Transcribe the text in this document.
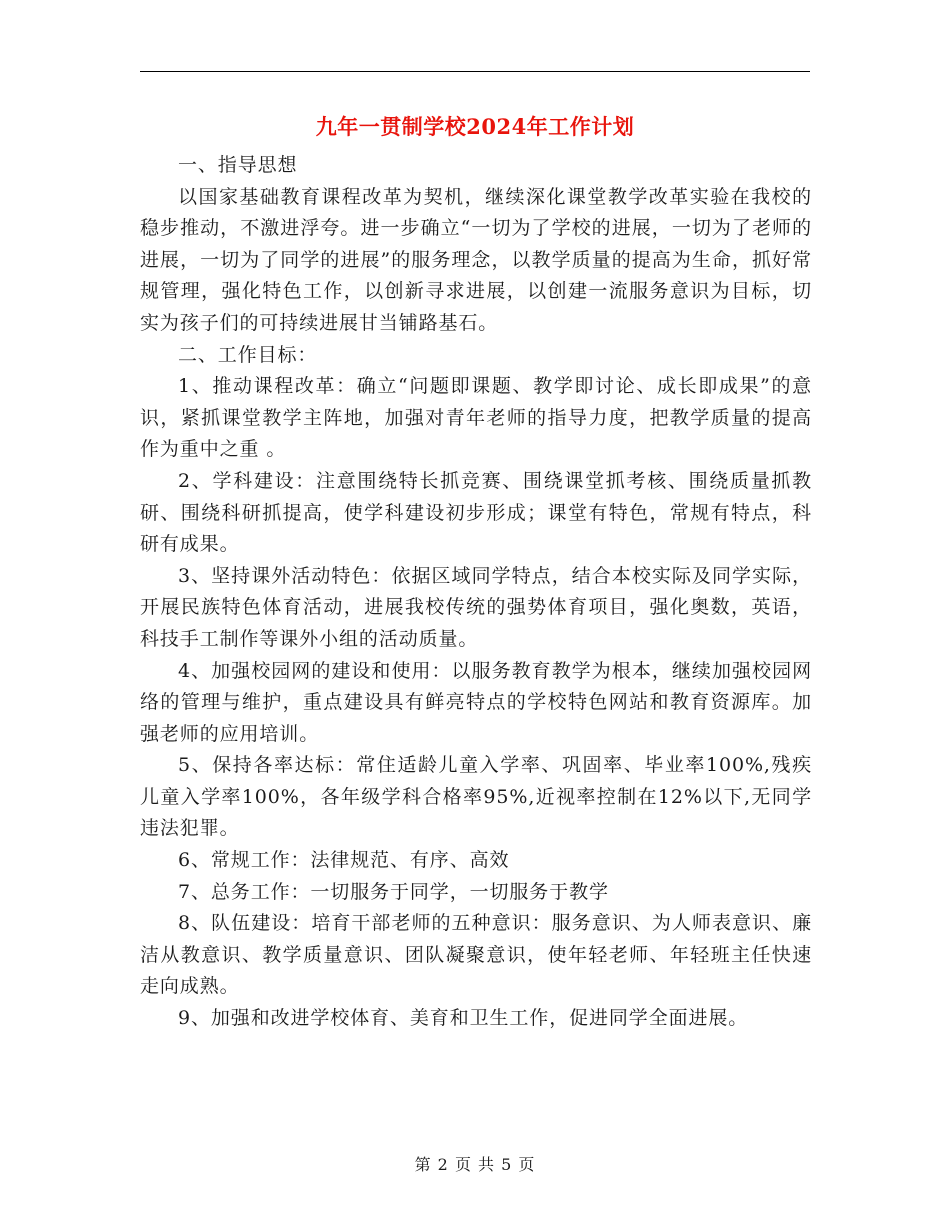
九年一贯制学校2024年工作计划

一、指导思想

以国家基础教育课程改革为契机，继续深化课堂教学改革实验在我校的稳步推动，不激进浮夸。进一步确立“一切为了学校的进展，一切为了老师的进展，一切为了同学的进展”的服务理念，以教学质量的提高为生命，抓好常规管理，强化特色工作，以创新寻求进展，以创建一流服务意识为目标，切实为孩子们的可持续进展甘当铺路基石。

二、工作目标：

1、推动课程改革：确立“问题即课题、教学即讨论、成长即成果”的意识，紧抓课堂教学主阵地，加强对青年老师的指导力度，把教学质量的提高作为重中之重 。

2、学科建设：注意围绕特长抓竞赛、围绕课堂抓考核、围绕质量抓教研、围绕科研抓提高，使学科建设初步形成；课堂有特色，常规有特点，科研有成果。

3、坚持课外活动特色：依据区域同学特点，结合本校实际及同学实际，开展民族特色体育活动，进展我校传统的强势体育项目，强化奥数，英语，科技手工制作等课外小组的活动质量。

4、加强校园网的建设和使用：以服务教育教学为根本，继续加强校园网络的管理与维护，重点建设具有鲜亮特点的学校特色网站和教育资源库。加强老师的应用培训。

5、保持各率达标：常住适龄儿童入学率、巩固率、毕业率100%,残疾儿童入学率100%，各年级学科合格率95%,近视率控制在12%以下,无同学违法犯罪。

6、常规工作：法律规范、有序、高效

7、总务工作：一切服务于同学，一切服务于教学

8、队伍建设：培育干部老师的五种意识：服务意识、为人师表意识、廉洁从教意识、教学质量意识、团队凝聚意识，使年轻老师、年轻班主任快速走向成熟。

9、加强和改进学校体育、美育和卫生工作，促进同学全面进展。

第 2 页 共 5 页
